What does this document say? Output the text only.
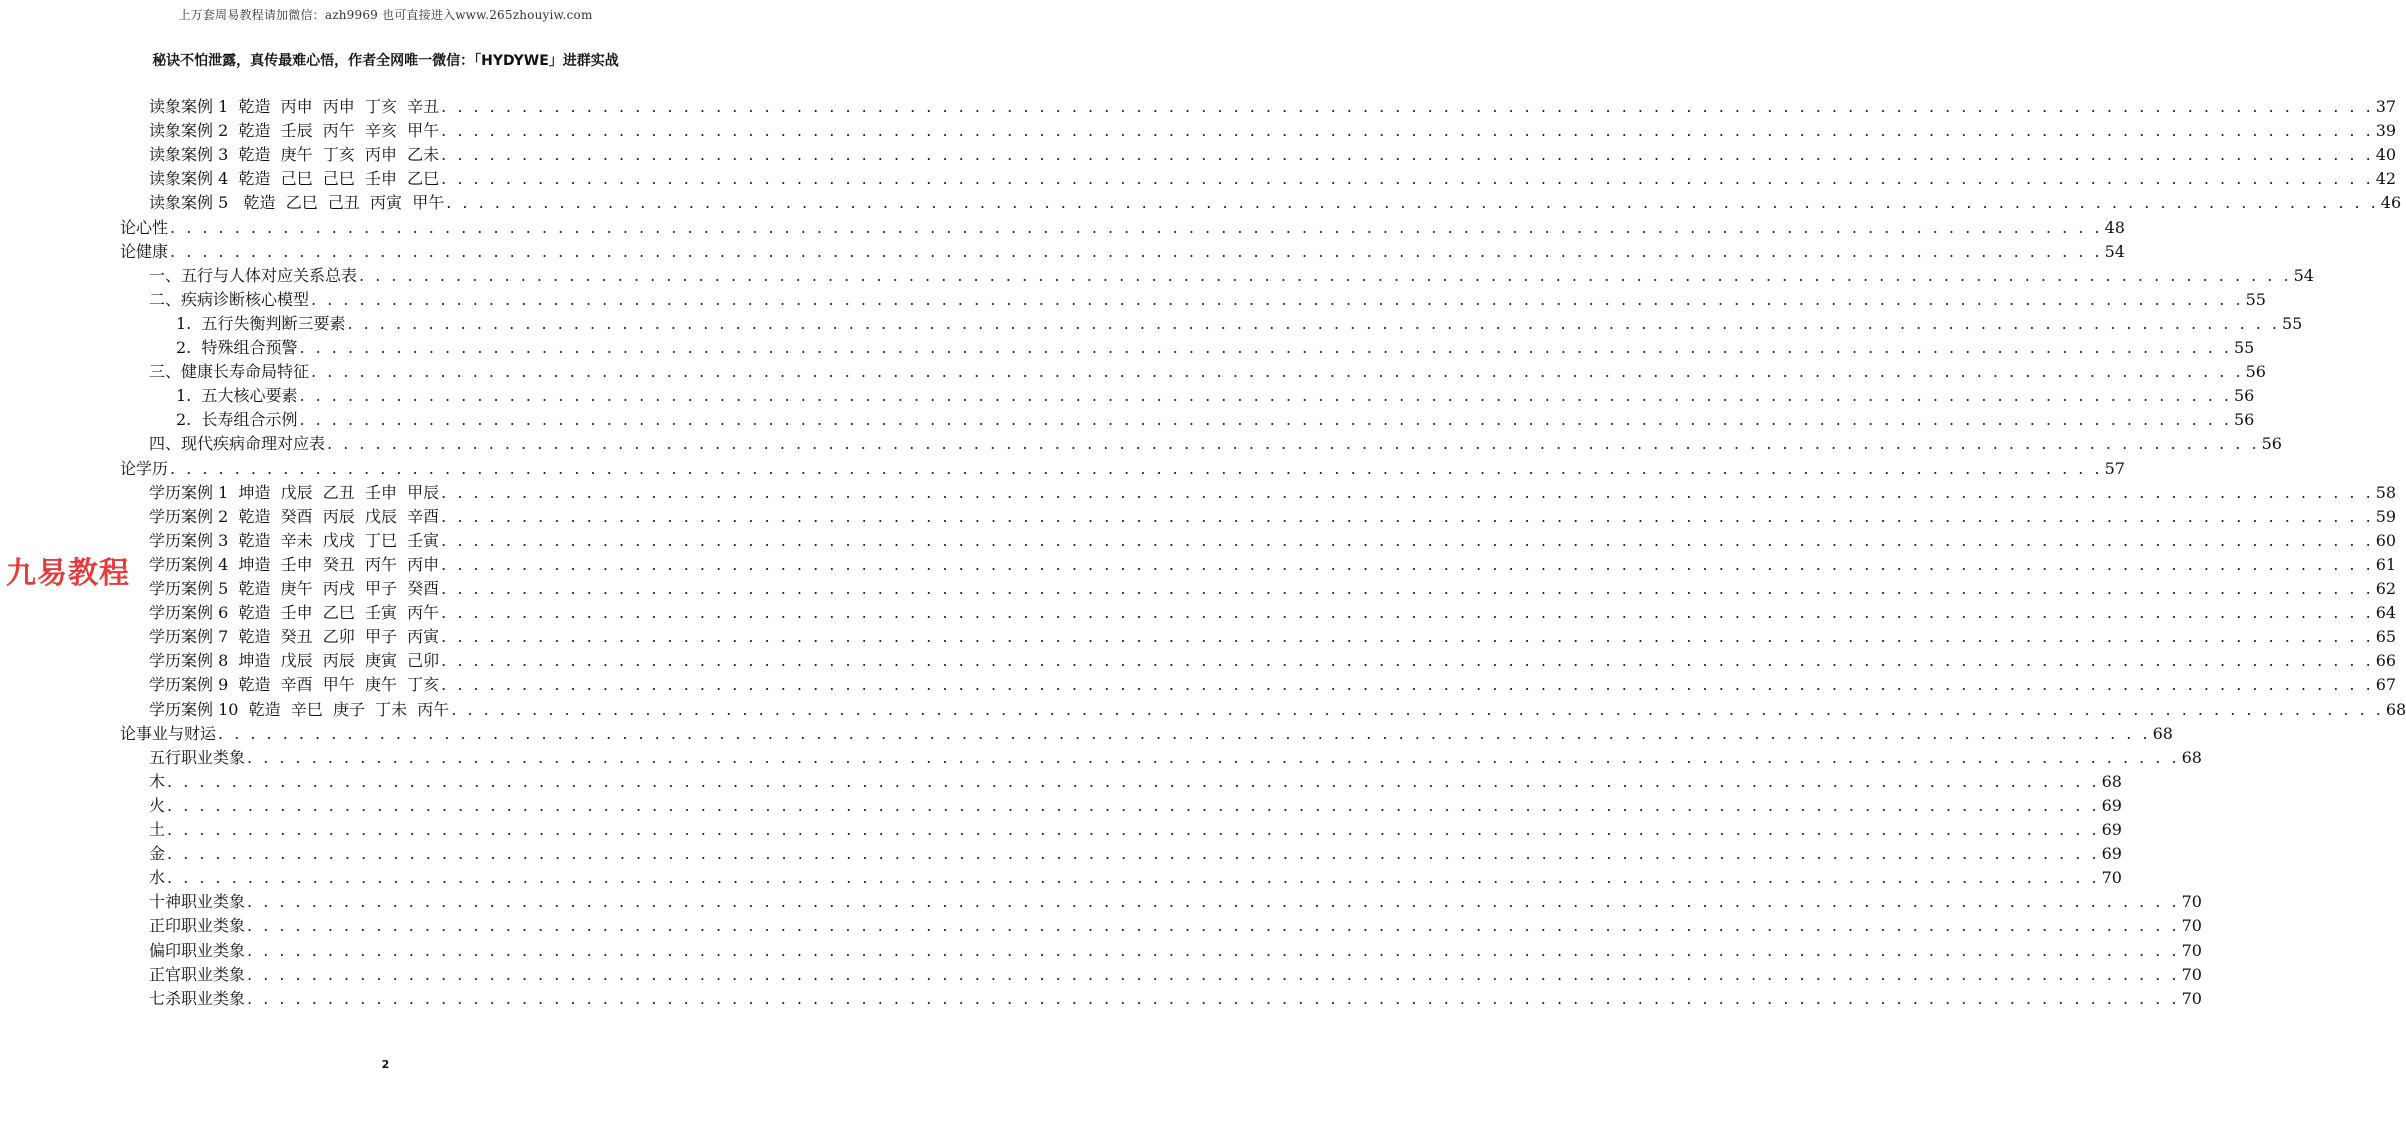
上万套周易教程请加微信：azh9969 也可直接进入www.265zhouyiw.com
秘诀不怕泄露，真传最难心悟，作者全网唯一微信：「HYDYWE」进群实战
九易教程
读象案例 1  乾造  丙申  丙申  丁亥  辛丑 . . . . . . . . . . . . . . . . . . . . . . . . . . . . . . . . . . . . . . . . . . . . . . . . . . . . . . . . . . . . . . . . . . . . . . . . . . . . . . . . . . . . . . . . . . . . . . . . . . . . . . . . . . . . . . . . . . . . . . . . 37
读象案例 2  乾造  壬辰  丙午  辛亥  甲午 . . . . . . . . . . . . . . . . . . . . . . . . . . . . . . . . . . . . . . . . . . . . . . . . . . . . . . . . . . . . . . . . . . . . . . . . . . . . . . . . . . . . . . . . . . . . . . . . . . . . . . . . . . . . . . . . . . . . . . . . 39
读象案例 3  乾造  庚午  丁亥  丙申  乙未 . . . . . . . . . . . . . . . . . . . . . . . . . . . . . . . . . . . . . . . . . . . . . . . . . . . . . . . . . . . . . . . . . . . . . . . . . . . . . . . . . . . . . . . . . . . . . . . . . . . . . . . . . . . . . . . . . . . . . . . . 40
读象案例 4  乾造  己巳  己巳  壬申  乙巳 . . . . . . . . . . . . . . . . . . . . . . . . . . . . . . . . . . . . . . . . . . . . . . . . . . . . . . . . . . . . . . . . . . . . . . . . . . . . . . . . . . . . . . . . . . . . . . . . . . . . . . . . . . . . . . . . . . . . . . . . 42
读象案例 5   乾造  乙巳  己丑  丙寅  甲午 . . . . . . . . . . . . . . . . . . . . . . . . . . . . . . . . . . . . . . . . . . . . . . . . . . . . . . . . . . . . . . . . . . . . . . . . . . . . . . . . . . . . . . . . . . . . . . . . . . . . . . . . . . . . . . . . . . . . . . . . 46
论心性 . . . . . . . . . . . . . . . . . . . . . . . . . . . . . . . . . . . . . . . . . . . . . . . . . . . . . . . . . . . . . . . . . . . . . . . . . . . . . . . . . . . . . . . . . . . . . . . . . . . . . . . . . . . . . . . . . . . . . . . . 48
论健康 . . . . . . . . . . . . . . . . . . . . . . . . . . . . . . . . . . . . . . . . . . . . . . . . . . . . . . . . . . . . . . . . . . . . . . . . . . . . . . . . . . . . . . . . . . . . . . . . . . . . . . . . . . . . . . . . . . . . . . . . 54
一、五行与人体对应关系总表 . . . . . . . . . . . . . . . . . . . . . . . . . . . . . . . . . . . . . . . . . . . . . . . . . . . . . . . . . . . . . . . . . . . . . . . . . . . . . . . . . . . . . . . . . . . . . . . . . . . . . . . . . . . . . . . . . . . . . . . . 54
二、疾病诊断核心模型 . . . . . . . . . . . . . . . . . . . . . . . . . . . . . . . . . . . . . . . . . . . . . . . . . . . . . . . . . . . . . . . . . . . . . . . . . . . . . . . . . . . . . . . . . . . . . . . . . . . . . . . . . . . . . . . . . . . . . . . . 55
1.  五行失衡判断三要素 . . . . . . . . . . . . . . . . . . . . . . . . . . . . . . . . . . . . . . . . . . . . . . . . . . . . . . . . . . . . . . . . . . . . . . . . . . . . . . . . . . . . . . . . . . . . . . . . . . . . . . . . . . . . . . . . . . . . . . . . 55
2.  特殊组合预警 . . . . . . . . . . . . . . . . . . . . . . . . . . . . . . . . . . . . . . . . . . . . . . . . . . . . . . . . . . . . . . . . . . . . . . . . . . . . . . . . . . . . . . . . . . . . . . . . . . . . . . . . . . . . . . . . . . . . . . . . 55
三、健康长寿命局特征 . . . . . . . . . . . . . . . . . . . . . . . . . . . . . . . . . . . . . . . . . . . . . . . . . . . . . . . . . . . . . . . . . . . . . . . . . . . . . . . . . . . . . . . . . . . . . . . . . . . . . . . . . . . . . . . . . . . . . . . . 56
1.  五大核心要素 . . . . . . . . . . . . . . . . . . . . . . . . . . . . . . . . . . . . . . . . . . . . . . . . . . . . . . . . . . . . . . . . . . . . . . . . . . . . . . . . . . . . . . . . . . . . . . . . . . . . . . . . . . . . . . . . . . . . . . . . 56
2.  长寿组合示例 . . . . . . . . . . . . . . . . . . . . . . . . . . . . . . . . . . . . . . . . . . . . . . . . . . . . . . . . . . . . . . . . . . . . . . . . . . . . . . . . . . . . . . . . . . . . . . . . . . . . . . . . . . . . . . . . . . . . . . . . 56
四、现代疾病命理对应表 . . . . . . . . . . . . . . . . . . . . . . . . . . . . . . . . . . . . . . . . . . . . . . . . . . . . . . . . . . . . . . . . . . . . . . . . . . . . . . . . . . . . . . . . . . . . . . . . . . . . . . . . . . . . . . . . . . . . . . . . 56
论学历 . . . . . . . . . . . . . . . . . . . . . . . . . . . . . . . . . . . . . . . . . . . . . . . . . . . . . . . . . . . . . . . . . . . . . . . . . . . . . . . . . . . . . . . . . . . . . . . . . . . . . . . . . . . . . . . . . . . . . . . . 57
学历案例 1  坤造  戊辰  乙丑  壬申  甲辰 . . . . . . . . . . . . . . . . . . . . . . . . . . . . . . . . . . . . . . . . . . . . . . . . . . . . . . . . . . . . . . . . . . . . . . . . . . . . . . . . . . . . . . . . . . . . . . . . . . . . . . . . . . . . . . . . . . . . . . . . 58
学历案例 2  乾造  癸酉  丙辰  戊辰  辛酉 . . . . . . . . . . . . . . . . . . . . . . . . . . . . . . . . . . . . . . . . . . . . . . . . . . . . . . . . . . . . . . . . . . . . . . . . . . . . . . . . . . . . . . . . . . . . . . . . . . . . . . . . . . . . . . . . . . . . . . . . 59
学历案例 3  乾造  辛未  戊戌  丁巳  壬寅 . . . . . . . . . . . . . . . . . . . . . . . . . . . . . . . . . . . . . . . . . . . . . . . . . . . . . . . . . . . . . . . . . . . . . . . . . . . . . . . . . . . . . . . . . . . . . . . . . . . . . . . . . . . . . . . . . . . . . . . . 60
学历案例 4  坤造  壬申  癸丑  丙午  丙申 . . . . . . . . . . . . . . . . . . . . . . . . . . . . . . . . . . . . . . . . . . . . . . . . . . . . . . . . . . . . . . . . . . . . . . . . . . . . . . . . . . . . . . . . . . . . . . . . . . . . . . . . . . . . . . . . . . . . . . . . 61
学历案例 5  乾造  庚午  丙戌  甲子  癸酉 . . . . . . . . . . . . . . . . . . . . . . . . . . . . . . . . . . . . . . . . . . . . . . . . . . . . . . . . . . . . . . . . . . . . . . . . . . . . . . . . . . . . . . . . . . . . . . . . . . . . . . . . . . . . . . . . . . . . . . . . 62
学历案例 6  乾造  壬申  乙巳  壬寅  丙午 . . . . . . . . . . . . . . . . . . . . . . . . . . . . . . . . . . . . . . . . . . . . . . . . . . . . . . . . . . . . . . . . . . . . . . . . . . . . . . . . . . . . . . . . . . . . . . . . . . . . . . . . . . . . . . . . . . . . . . . . 64
学历案例 7  乾造  癸丑  乙卯  甲子  丙寅 . . . . . . . . . . . . . . . . . . . . . . . . . . . . . . . . . . . . . . . . . . . . . . . . . . . . . . . . . . . . . . . . . . . . . . . . . . . . . . . . . . . . . . . . . . . . . . . . . . . . . . . . . . . . . . . . . . . . . . . . 65
学历案例 8  坤造  戊辰  丙辰  庚寅  己卯 . . . . . . . . . . . . . . . . . . . . . . . . . . . . . . . . . . . . . . . . . . . . . . . . . . . . . . . . . . . . . . . . . . . . . . . . . . . . . . . . . . . . . . . . . . . . . . . . . . . . . . . . . . . . . . . . . . . . . . . . 66
学历案例 9  乾造  辛酉  甲午  庚午  丁亥 . . . . . . . . . . . . . . . . . . . . . . . . . . . . . . . . . . . . . . . . . . . . . . . . . . . . . . . . . . . . . . . . . . . . . . . . . . . . . . . . . . . . . . . . . . . . . . . . . . . . . . . . . . . . . . . . . . . . . . . . 67
学历案例 10  乾造  辛巳  庚子  丁未  丙午 . . . . . . . . . . . . . . . . . . . . . . . . . . . . . . . . . . . . . . . . . . . . . . . . . . . . . . . . . . . . . . . . . . . . . . . . . . . . . . . . . . . . . . . . . . . . . . . . . . . . . . . . . . . . . . . . . . . . . . . . 68
论事业与财运 . . . . . . . . . . . . . . . . . . . . . . . . . . . . . . . . . . . . . . . . . . . . . . . . . . . . . . . . . . . . . . . . . . . . . . . . . . . . . . . . . . . . . . . . . . . . . . . . . . . . . . . . . . . . . . . . . . . . . . . . 68
五行职业类象 . . . . . . . . . . . . . . . . . . . . . . . . . . . . . . . . . . . . . . . . . . . . . . . . . . . . . . . . . . . . . . . . . . . . . . . . . . . . . . . . . . . . . . . . . . . . . . . . . . . . . . . . . . . . . . . . . . . . . . . . 68
木 . . . . . . . . . . . . . . . . . . . . . . . . . . . . . . . . . . . . . . . . . . . . . . . . . . . . . . . . . . . . . . . . . . . . . . . . . . . . . . . . . . . . . . . . . . . . . . . . . . . . . . . . . . . . . . . . . . . . . . . . 68
火 . . . . . . . . . . . . . . . . . . . . . . . . . . . . . . . . . . . . . . . . . . . . . . . . . . . . . . . . . . . . . . . . . . . . . . . . . . . . . . . . . . . . . . . . . . . . . . . . . . . . . . . . . . . . . . . . . . . . . . . . 69
土 . . . . . . . . . . . . . . . . . . . . . . . . . . . . . . . . . . . . . . . . . . . . . . . . . . . . . . . . . . . . . . . . . . . . . . . . . . . . . . . . . . . . . . . . . . . . . . . . . . . . . . . . . . . . . . . . . . . . . . . . 69
金 . . . . . . . . . . . . . . . . . . . . . . . . . . . . . . . . . . . . . . . . . . . . . . . . . . . . . . . . . . . . . . . . . . . . . . . . . . . . . . . . . . . . . . . . . . . . . . . . . . . . . . . . . . . . . . . . . . . . . . . . 69
水 . . . . . . . . . . . . . . . . . . . . . . . . . . . . . . . . . . . . . . . . . . . . . . . . . . . . . . . . . . . . . . . . . . . . . . . . . . . . . . . . . . . . . . . . . . . . . . . . . . . . . . . . . . . . . . . . . . . . . . . . 70
十神职业类象 . . . . . . . . . . . . . . . . . . . . . . . . . . . . . . . . . . . . . . . . . . . . . . . . . . . . . . . . . . . . . . . . . . . . . . . . . . . . . . . . . . . . . . . . . . . . . . . . . . . . . . . . . . . . . . . . . . . . . . . . 70
正印职业类象 . . . . . . . . . . . . . . . . . . . . . . . . . . . . . . . . . . . . . . . . . . . . . . . . . . . . . . . . . . . . . . . . . . . . . . . . . . . . . . . . . . . . . . . . . . . . . . . . . . . . . . . . . . . . . . . . . . . . . . . . 70
偏印职业类象 . . . . . . . . . . . . . . . . . . . . . . . . . . . . . . . . . . . . . . . . . . . . . . . . . . . . . . . . . . . . . . . . . . . . . . . . . . . . . . . . . . . . . . . . . . . . . . . . . . . . . . . . . . . . . . . . . . . . . . . . 70
正官职业类象 . . . . . . . . . . . . . . . . . . . . . . . . . . . . . . . . . . . . . . . . . . . . . . . . . . . . . . . . . . . . . . . . . . . . . . . . . . . . . . . . . . . . . . . . . . . . . . . . . . . . . . . . . . . . . . . . . . . . . . . . 70
七杀职业类象 . . . . . . . . . . . . . . . . . . . . . . . . . . . . . . . . . . . . . . . . . . . . . . . . . . . . . . . . . . . . . . . . . . . . . . . . . . . . . . . . . . . . . . . . . . . . . . . . . . . . . . . . . . . . . . . . . . . . . . . . 70
2
